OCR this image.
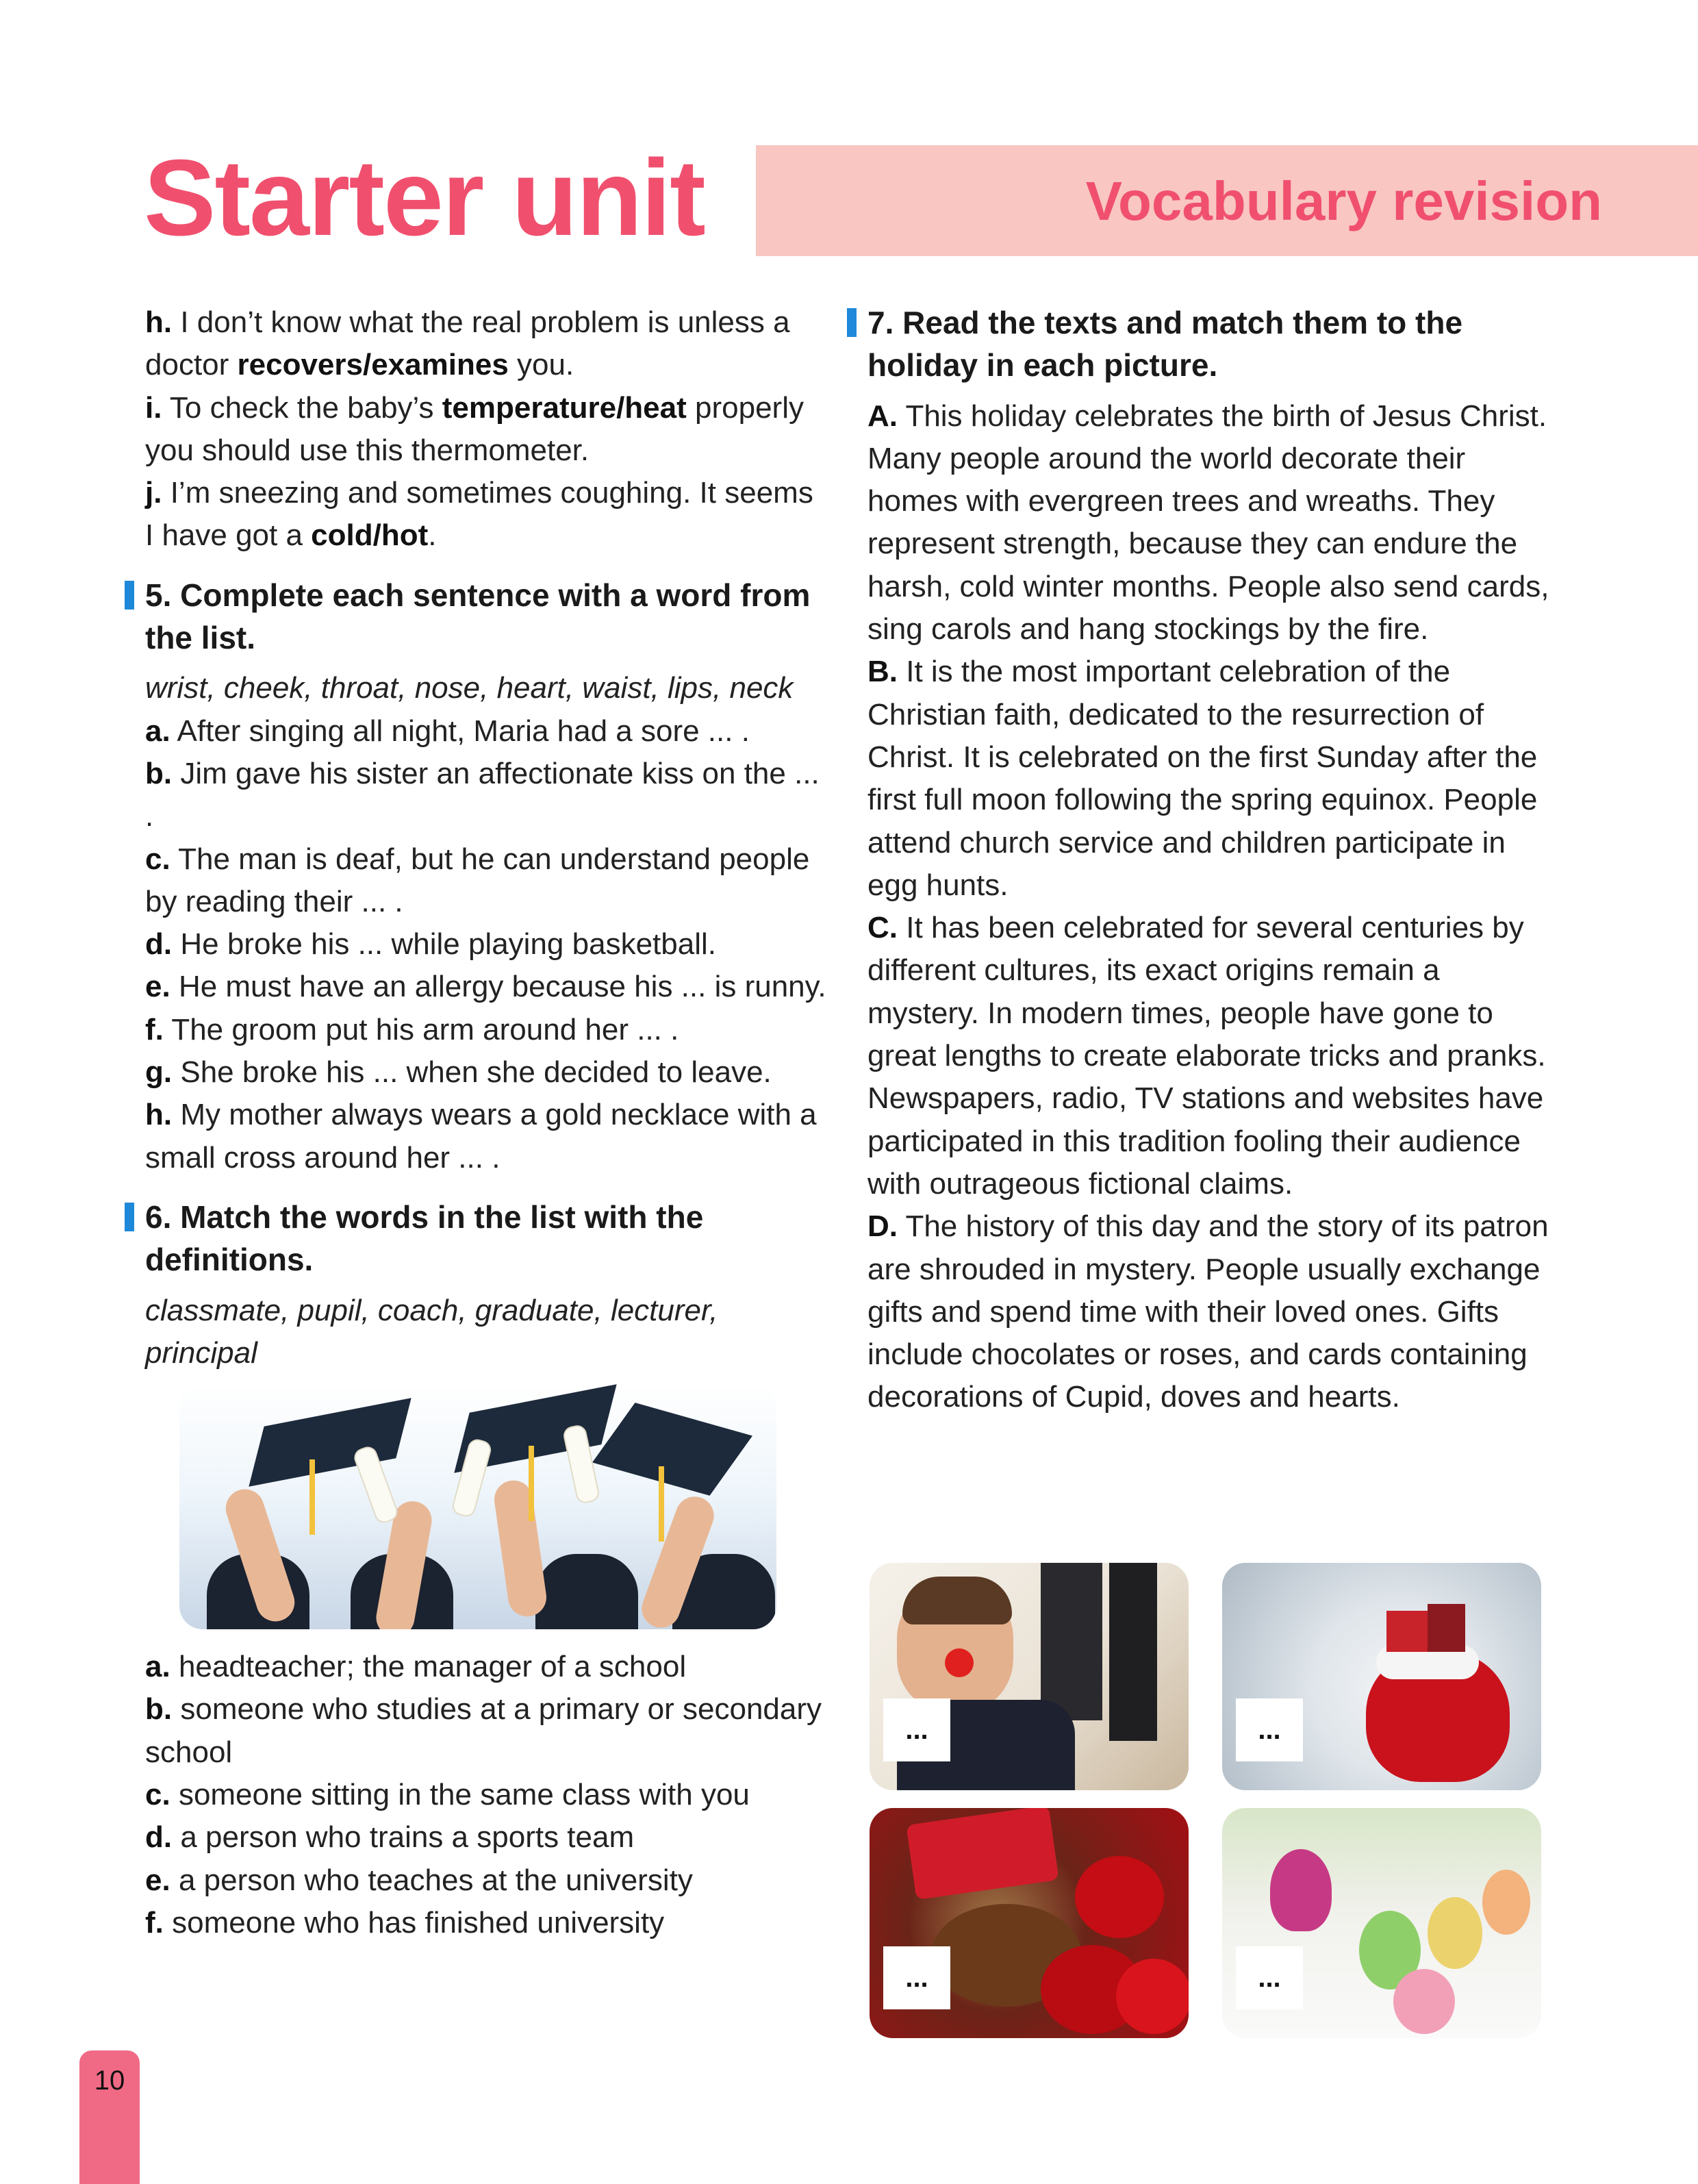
Starter unit	Vocabulary revision

h. I don’t know what the real problem is unless a doctor recovers/examines you.

i. To check the baby’s temperature/heat properly you should use this thermometer.

j. I’m sneezing and sometimes coughing. It seems I have got a cold/hot.

5. Complete each sentence with a word from the list.

wrist, cheek, throat, nose, heart, waist, lips, neck

a. After singing all night, Maria had a sore ... .

b. Jim gave his sister an affectionate kiss on the ... .

c. The man is deaf, but he can understand people by reading their ... .

d. He broke his ... while playing basketball.

e. He must have an allergy because his ... is runny.

f. The groom put his arm around her ... .

g. She broke his ... when she decided to leave.

h. My mother always wears a gold necklace with a small cross around her ... .

6. Match the words in the list with the definitions.

classmate, pupil, coach, graduate, lecturer, principal

a. headteacher; the manager of a school

b. someone who studies at a primary or secondary school

c. someone sitting in the same class with you

d. a person who trains a sports team

e. a person who teaches at the university

f. someone who has finished university

7. Read the texts and match them to the holiday in each picture.

A. This holiday celebrates the birth of Jesus Christ. Many people around the world decorate their homes with evergreen trees and wreaths. They represent strength, because they can endure the harsh, cold winter months. People also send cards, sing carols and hang stockings by the fire.

B. It is the most important celebration of the Christian faith, dedicated to the resurrection of Christ. It is celebrated on the first Sunday after the first full moon following the spring equinox. People attend church service and children participate in egg hunts.

C. It has been celebrated for several centuries by different cultures, its exact origins remain a mystery. In modern times, people have gone to great lengths to create elaborate tricks and pranks. Newspapers, radio, TV stations and websites have participated in this tradition fooling their audience with outrageous fictional claims.

D. The history of this day and the story of its patron are shrouded in mystery. People usually exchange gifts and spend time with their loved ones. Gifts include chocolates or roses, and cards containing decorations of Cupid, doves and hearts.

...	...
...	...
10
